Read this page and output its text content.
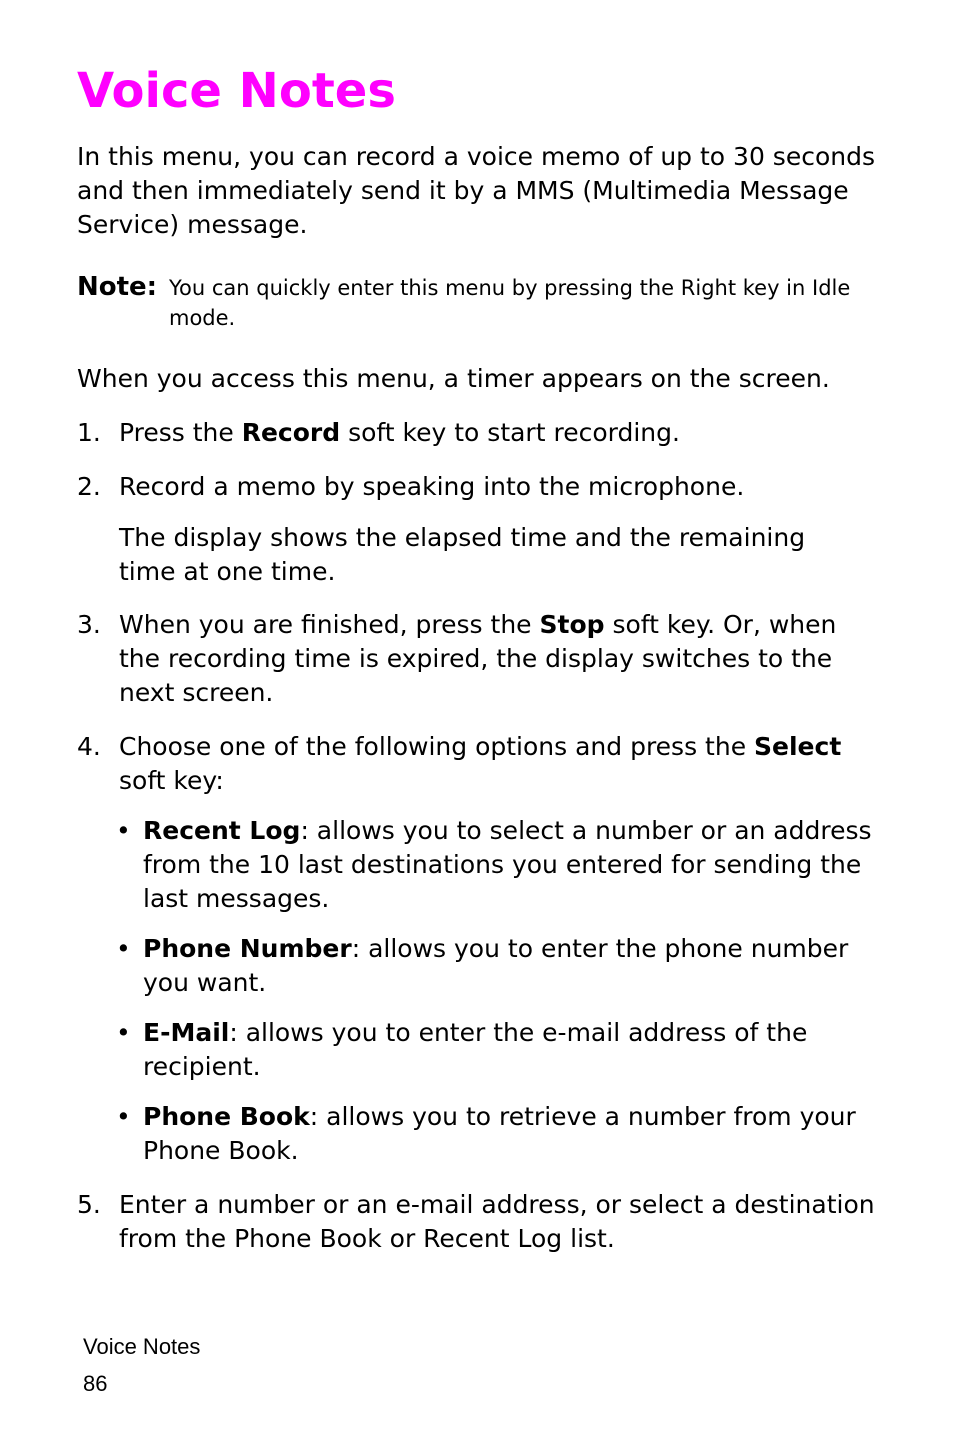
Voice Notes

In this menu, you can record a voice memo of up to 30 seconds and then immediately send it by a MMS (Multimedia Message Service) message.

Note: You can quickly enter this menu by pressing the Right key in Idle mode.

When you access this menu, a timer appears on the screen.

1. Press the Record soft key to start recording.
2. Record a memo by speaking into the microphone.
The display shows the elapsed time and the remaining time at one time.
3. When you are finished, press the Stop soft key. Or, when the recording time is expired, the display switches to the next screen.
4. Choose one of the following options and press the Select soft key:
• Recent Log: allows you to select a number or an address from the 10 last destinations you entered for sending the last messages.
• Phone Number: allows you to enter the phone number you want.
• E-Mail: allows you to enter the e-mail address of the recipient.
• Phone Book: allows you to retrieve a number from your Phone Book.
5. Enter a number or an e-mail address, or select a destination from the Phone Book or Recent Log list.
Voice Notes
86
